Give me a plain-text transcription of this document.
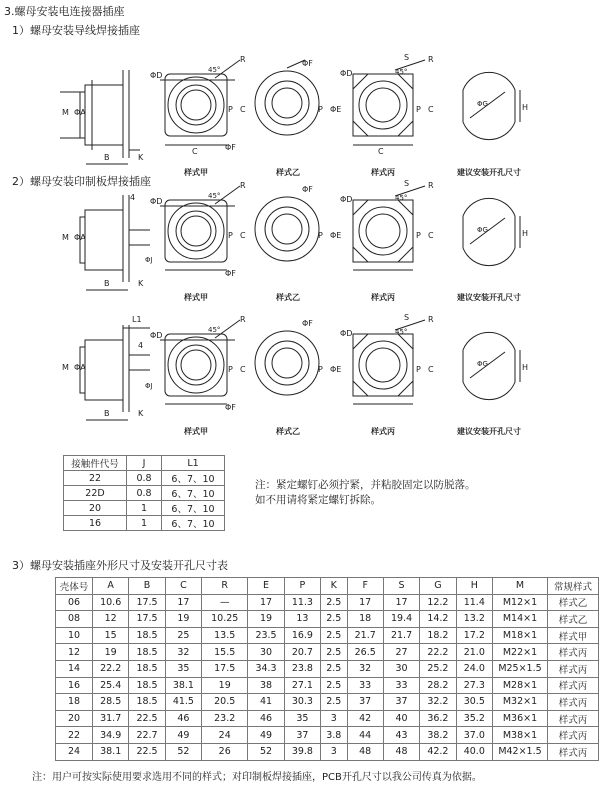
3.螺母安装电连接器插座
1）螺母安装导线焊接插座
2）螺母安装印制板焊接插座
M ΦA
B	K
ΦD
45°
R
P C
C	ΦF
样式甲
ΦF
P ΦE
样式乙
ΦD	45°
S R
P C
C
样式丙
ΦG	H
建议安装开孔尺寸
M ΦA
B	K
4
ΦJ
ΦD
45°
R
P C
ΦF
样式甲
ΦF
P ΦE
样式乙
ΦD	45°
S R
P C
样式丙
ΦG	H
建议安装开孔尺寸
L1
4
ΦJ
M ΦA
B	K
ΦD
45°
R
P C
ΦF
样式甲
ΦF
P ΦE
样式乙
ΦD	45°
S R
P C
样式丙
ΦG	H
建议安装开孔尺寸
接触件代号	J	L1
22	0.8	6、7、10
22D	0.8	6、7、10
20	1	6、7、10
16	1	6、7、10
注：紧定螺钉必须拧紧，并粘胶固定以防脱落。
如不用请将紧定螺钉拆除。
3）螺母安装插座外形尺寸及安装开孔尺寸表
壳体号	A	B	C	R	E	P	K	F	S	G	H	M	常规样式
06	10.6	17.5	17	—	17	11.3	2.5	17	17	12.2	11.4	M12×1	样式乙
08	12	17.5	19	10.25	19	13	2.5	18	19.4	14.2	13.2	M14×1	样式乙
10	15	18.5	25	13.5	23.5	16.9	2.5	21.7	21.7	18.2	17.2	M18×1	样式甲
12	19	18.5	32	15.5	30	20.7	2.5	26.5	27	22.2	21.0	M22×1	样式丙
14	22.2	18.5	35	17.5	34.3	23.8	2.5	32	30	25.2	24.0	M25×1.5	样式丙
16	25.4	18.5	38.1	19	38	27.1	2.5	33	33	28.2	27.3	M28×1	样式丙
18	28.5	18.5	41.5	20.5	41	30.3	2.5	37	37	32.2	30.5	M32×1	样式丙
20	31.7	22.5	46	23.2	46	35	3	42	40	36.2	35.2	M36×1	样式丙
22	34.9	22.7	49	24	49	37	3.8	44	43	38.2	37.0	M38×1	样式丙
24	38.1	22.5	52	26	52	39.8	3	48	48	42.2	40.0	M42×1.5	样式丙
注：用户可按实际使用要求选用不同的样式；对印制板焊接插座，PCB开孔尺寸以我公司传真为依据。
